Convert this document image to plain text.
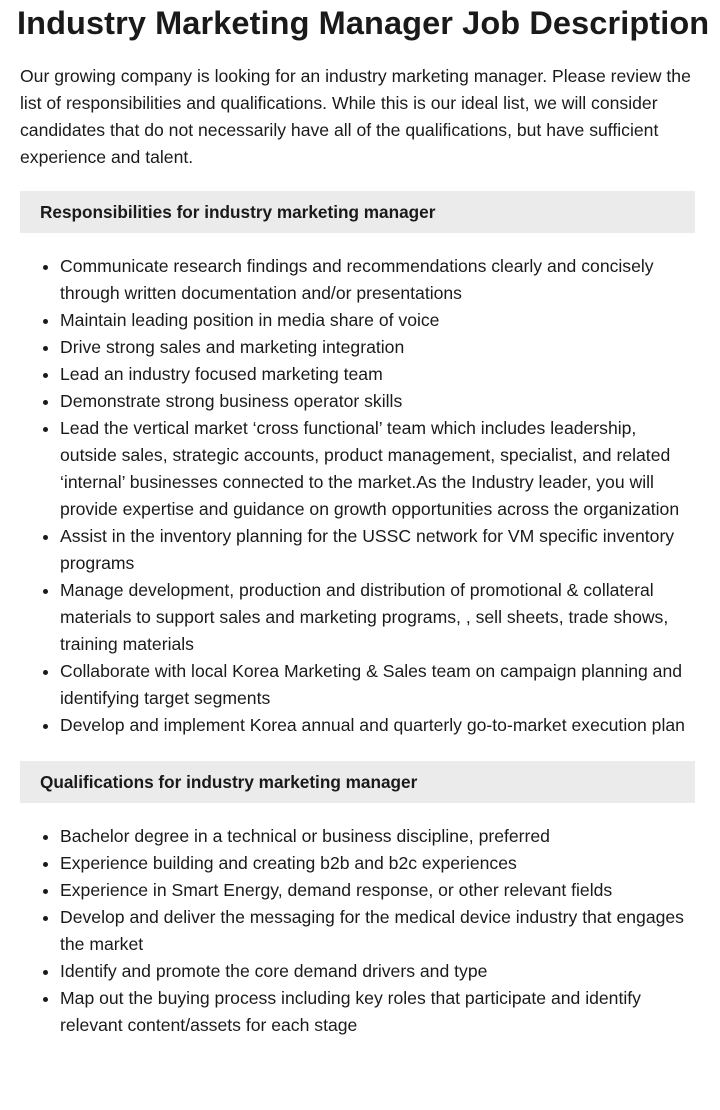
Industry Marketing Manager Job Description

Our growing company is looking for an industry marketing manager. Please review the list of responsibilities and qualifications. While this is our ideal list, we will consider candidates that do not necessarily have all of the qualifications, but have sufficient experience and talent.

Responsibilities for industry marketing manager
• Communicate research findings and recommendations clearly and concisely through written documentation and/or presentations
• Maintain leading position in media share of voice
• Drive strong sales and marketing integration
• Lead an industry focused marketing team
• Demonstrate strong business operator skills
• Lead the vertical market ‘cross functional’ team which includes leadership, outside sales, strategic accounts, product management, specialist, and related ‘internal’ businesses connected to the market.As the Industry leader, you will provide expertise and guidance on growth opportunities across the organization
• Assist in the inventory planning for the USSC network for VM specific inventory programs
• Manage development, production and distribution of promotional & collateral materials to support sales and marketing programs, , sell sheets, trade shows, training materials
• Collaborate with local Korea Marketing & Sales team on campaign planning and identifying target segments
• Develop and implement Korea annual and quarterly go-to-market execution plan
Qualifications for industry marketing manager
• Bachelor degree in a technical or business discipline, preferred
• Experience building and creating b2b and b2c experiences
• Experience in Smart Energy, demand response, or other relevant fields
• Develop and deliver the messaging for the medical device industry that engages the market
• Identify and promote the core demand drivers and type
• Map out the buying process including key roles that participate and identify relevant content/assets for each stage
